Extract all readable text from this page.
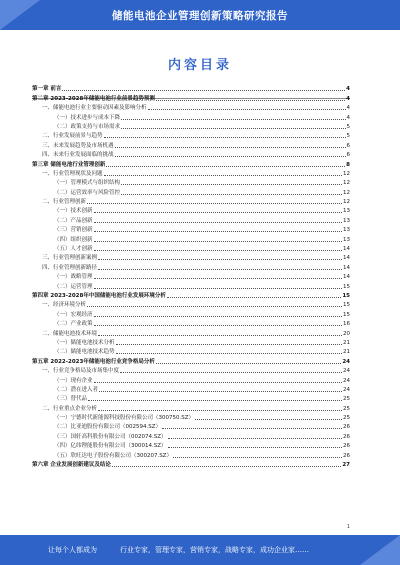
储能电池企业管理创新策略研究报告
内容目录
第一章 前言	4
第二章 2023-2028年储能电池行业前景趋势预测	4
一、储能电池行业主要驱动因素及影响分析	4
（一）技术进步与成本下降	4
（二）政策支持与市场需求	5
二、行业发展前景与趋势	5
三、未来发展趋势及市场机遇	6
四、未来行业发展面临的挑战	6
第三章 储能电池行业管理创新	8
一、行业管理现状及问题	12
（一）管理模式与组织结构	12
（二）运营效率与风险管控	12
二、行业管理创新	12
（一）技术创新	13
（二）产品创新	13
（三）营销创新	13
（四）组织创新	13
（五）人才创新	14
三、行业管理创新案例	14
四、行业管理创新路径	14
（一）战略管理	14
（二）运营管理	15
第四章 2023-2028年中国储能电池行业发展环境分析	15
一、经济环境分析	15
（一）宏观经济	15
（二）产业政策	16
二、储能电池技术环境	20
（一）储能电池技术分析	21
（二）储能电池技术趋势	21
第五章 2022-2023年储能电池行业竞争格局分析	24
一、行业竞争格局及市场集中度	24
（一）现有企业	24
（二）潜在进入者	24
（三）替代品	25
二、行业重点企业分析	25
（一）宁德时代新能源科技股份有限公司（300750.SZ）	25
（二）比亚迪股份有限公司（002594.SZ）	26
（三）国轩高科股份有限公司（002074.SZ）	26
（四）亿纬锂能股份有限公司（300014.SZ）	26
（五）欣旺达电子股份有限公司（300207.SZ）	26
第六章 企业发展创新建议及结论	27
1
让每个人都成为	行业专家，管理专家，营销专家，战略专家，成功企业家……
